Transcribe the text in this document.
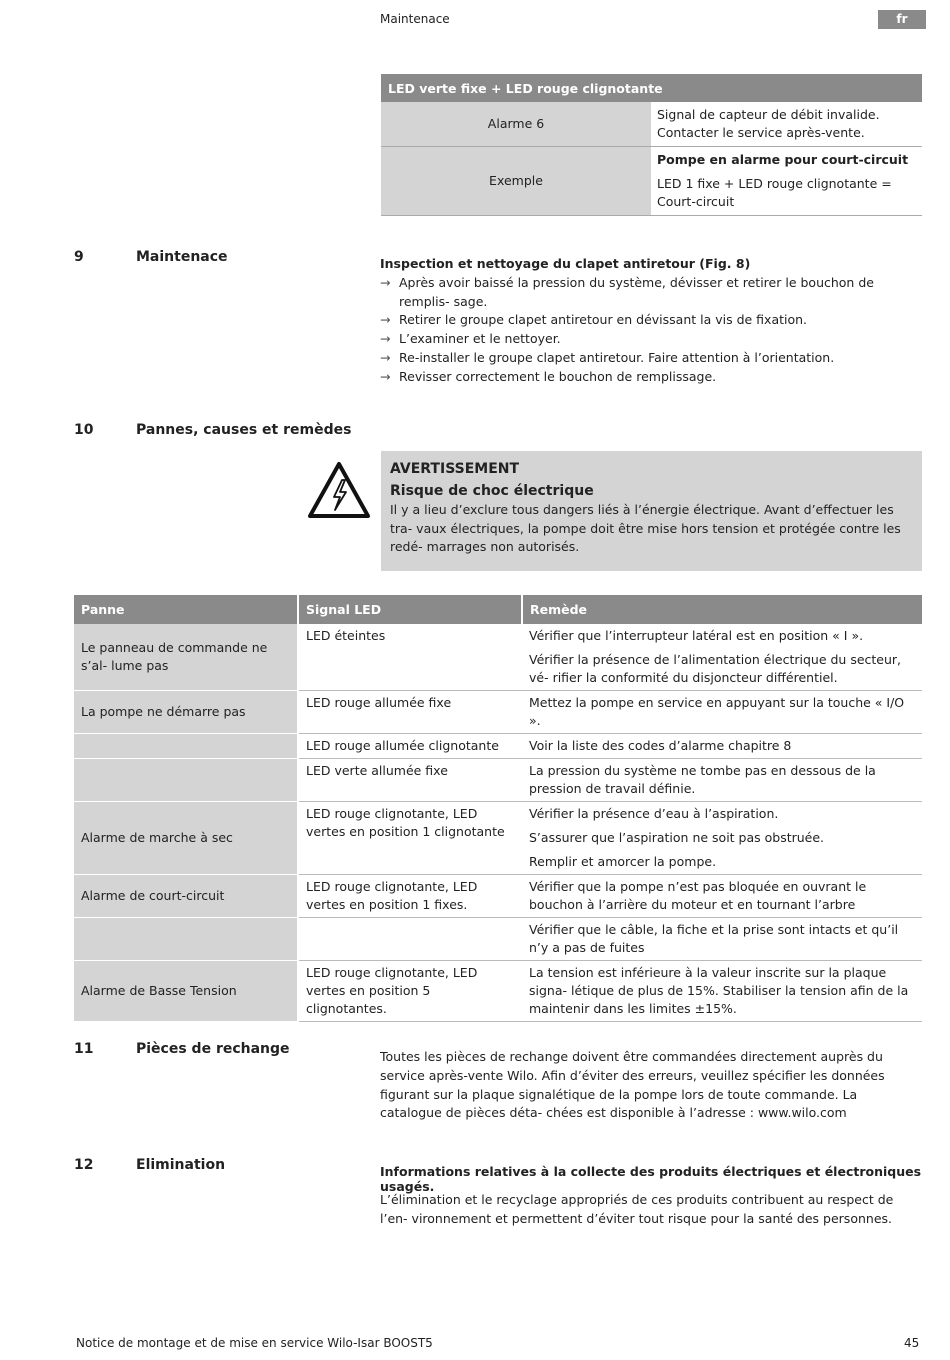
Maintenace	fr
LED verte fixe + LED rouge clignotante	
Alarme 6	Signal de capteur de débit invalide.
Contacter le service après-vente.

Exemple	Pompe en alarme pour court-circuit
LED 1 fixe + LED rouge clignotante =
Court-circuit
9	Maintenace	Inspection et nettoyage du clapet antiretour (Fig. 8)
→ Après avoir baissé la pression du système, dévisser et retirer le bouchon de remplis- sage.
→ Retirer le groupe clapet antiretour en dévissant la vis de fixation.
→ L’examiner et le nettoyer.
→ Re-installer le groupe clapet antiretour. Faire attention à l’orientation.
→ Revisser correctement le bouchon de remplissage.
10	Pannes, causes et remèdes
AVERTISSEMENT
Risque de choc électrique
Il y a lieu d’exclure tous dangers liés à l’énergie électrique. Avant d’effectuer les tra- vaux électriques, la pompe doit être mise hors tension et protégée contre les redé- marrages non autorisés.
Panne	Signal LED	Remède
Le panneau de commande ne s’al- lume pas	LED éteintes	Vérifier que l’interrupteur latéral est en position « I ».

Vérifier la présence de l’alimentation électrique du secteur, vé- rifier la conformité du disjoncteur différentiel.

La pompe ne démarre pas	LED rouge allumée fixe	Mettez la pompe en service en appuyant sur la touche « I/O ».

	LED rouge allumée clignotante	Voir la liste des codes d’alarme chapitre 8

	LED verte allumée fixe	La pression du système ne tombe pas en dessous de la pression de travail définie.

Alarme de marche à sec	LED rouge clignotante, LED vertes en position 1 clignotante	Vérifier la présence d’eau à l’aspiration.

S’assurer que l’aspiration ne soit pas obstruée.

Remplir et amorcer la pompe.

Alarme de court-circuit	LED rouge clignotante, LED vertes en position 1 fixes.	Vérifier que la pompe n’est pas bloquée en ouvrant le bouchon à l’arrière du moteur et en tournant l’arbre

		Vérifier que le câble, la fiche et la prise sont intacts et qu’il n’y a pas de fuites

Alarme de Basse Tension	LED rouge clignotante, LED vertes en position 5 clignotantes.	La tension est inférieure à la valeur inscrite sur la plaque signa- létique de plus de 15%. Stabiliser la tension afin de la maintenir dans les limites ±15%.

11	Pièces de rechange	Toutes les pièces de rechange doivent être commandées directement auprès du service après-vente Wilo. Afin d’éviter des erreurs, veuillez spécifier les données figurant sur la plaque signalétique de la pompe lors de toute commande. La catalogue de pièces déta- chées est disponible à l’adresse : www.wilo.com
12	Elimination	Informations relatives à la collecte des produits électriques et électroniques usagés.
L’élimination et le recyclage appropriés de ces produits contribuent au respect de l’en- vironnement et permettent d’éviter tout risque pour la santé des personnes.
Notice de montage et de mise en service Wilo-Isar BOOST5	45
